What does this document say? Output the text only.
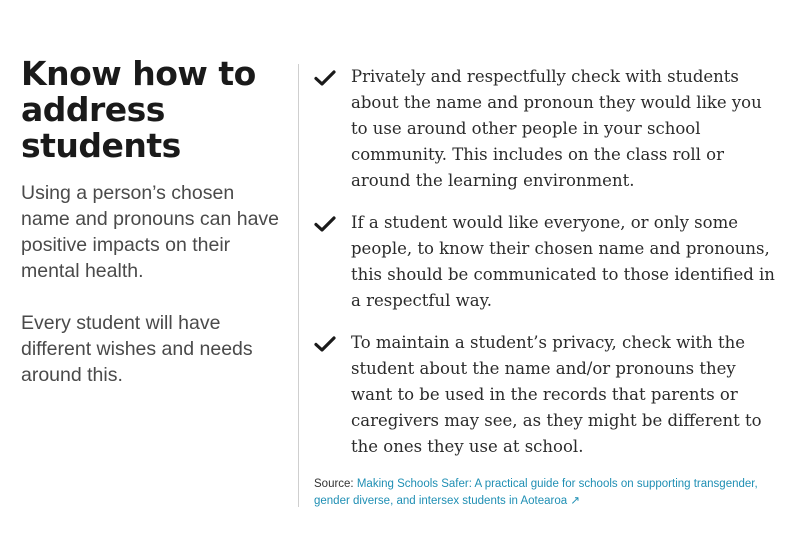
Know how to address students

Using a person’s chosen name and pronouns can have positive impacts on their mental health.

Every student will have different wishes and needs around this.

Privately and respectfully check with students about the name and pronoun they would like you to use around other people in your school community. This includes on the class roll or around the learning environment.
If a student would like everyone, or only some people, to know their chosen name and pronouns, this should be communicated to those identified in a respectful way.
To maintain a student’s privacy, check with the student about the name and/or pronouns they want to be used in the records that parents or caregivers may see, as they might be different to the ones they use at school.
Source: Making Schools Safer: A practical guide for schools on supporting transgender, gender diverse, and intersex students in Aotearoa ↗
